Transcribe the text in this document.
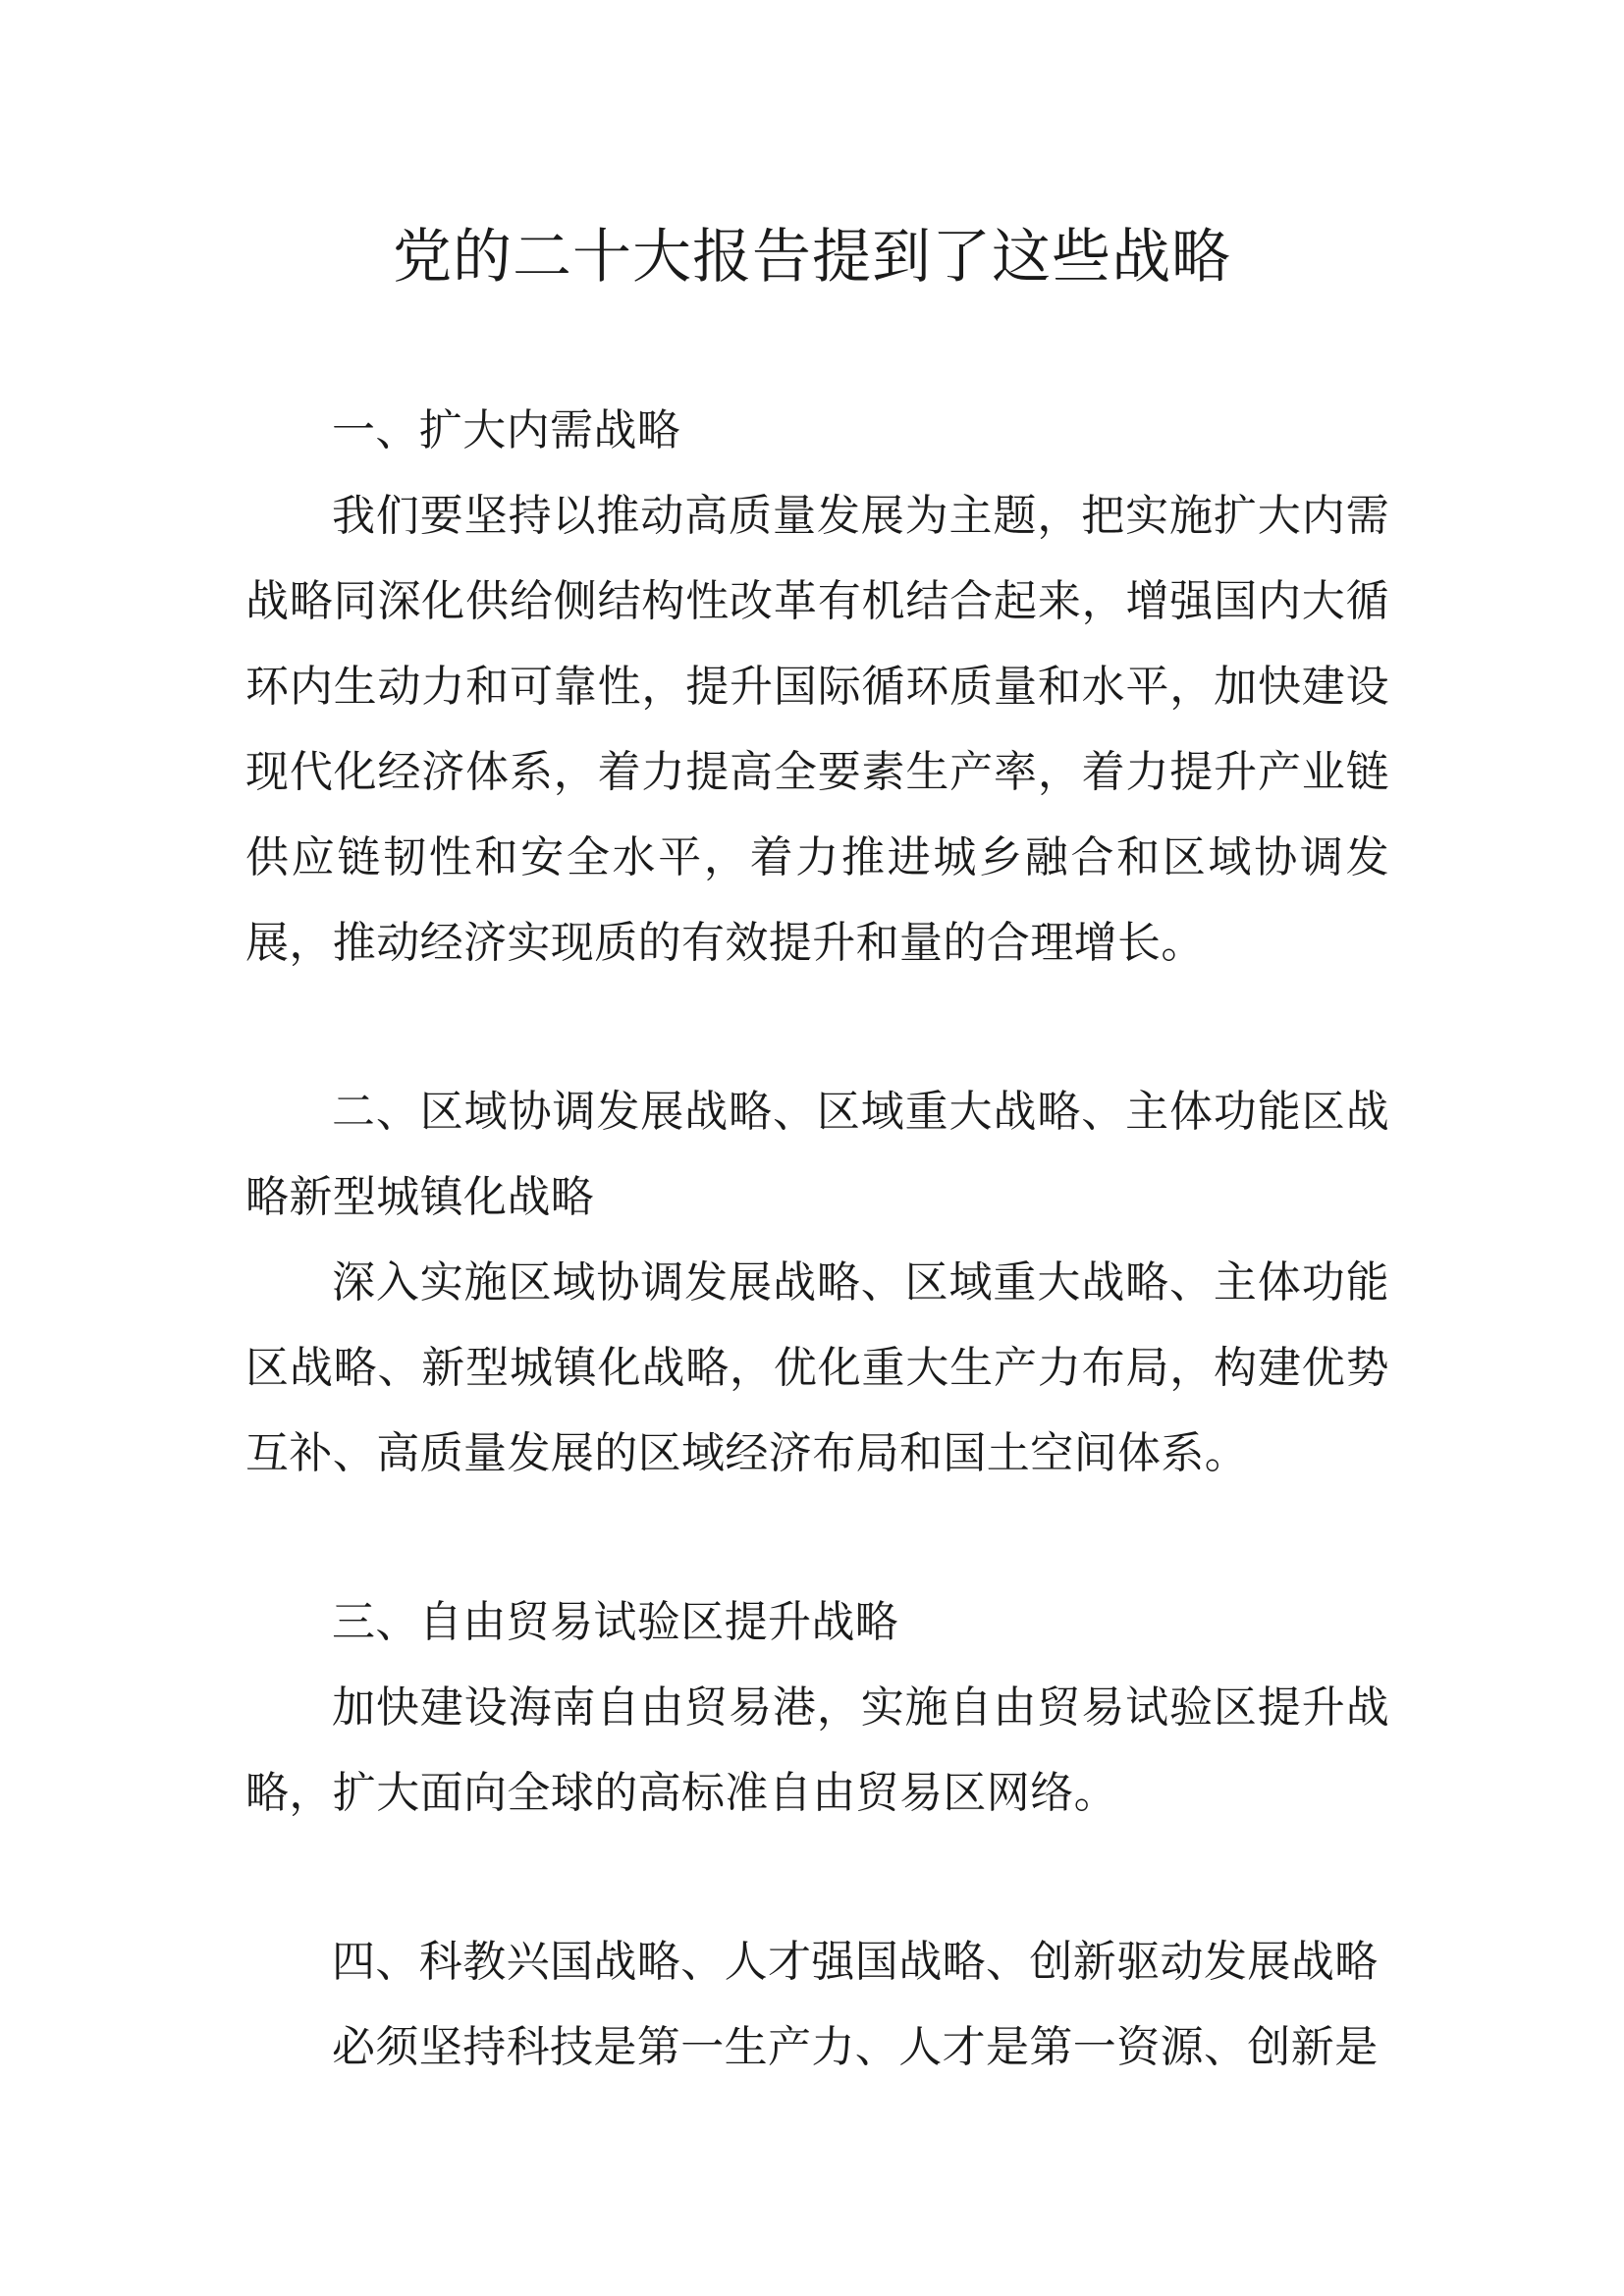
党的二十大报告提到了这些战略

一、扩大内需战略

我们要坚持以推动高质量发展为主题，把实施扩大内需战略同深化供给侧结构性改革有机结合起来，增强国内大循环内生动力和可靠性，提升国际循环质量和水平，加快建设现代化经济体系，着力提高全要素生产率，着力提升产业链供应链韧性和安全水平，着力推进城乡融合和区域协调发展，推动经济实现质的有效提升和量的合理增长。

二、区域协调发展战略、区域重大战略、主体功能区战略新型城镇化战略

深入实施区域协调发展战略、区域重大战略、主体功能区战略、新型城镇化战略，优化重大生产力布局，构建优势互补、高质量发展的区域经济布局和国土空间体系。

三、自由贸易试验区提升战略

加快建设海南自由贸易港，实施自由贸易试验区提升战略，扩大面向全球的高标准自由贸易区网络。

四、科教兴国战略、人才强国战略、创新驱动发展战略

必须坚持科技是第一生产力、人才是第一资源、创新是
